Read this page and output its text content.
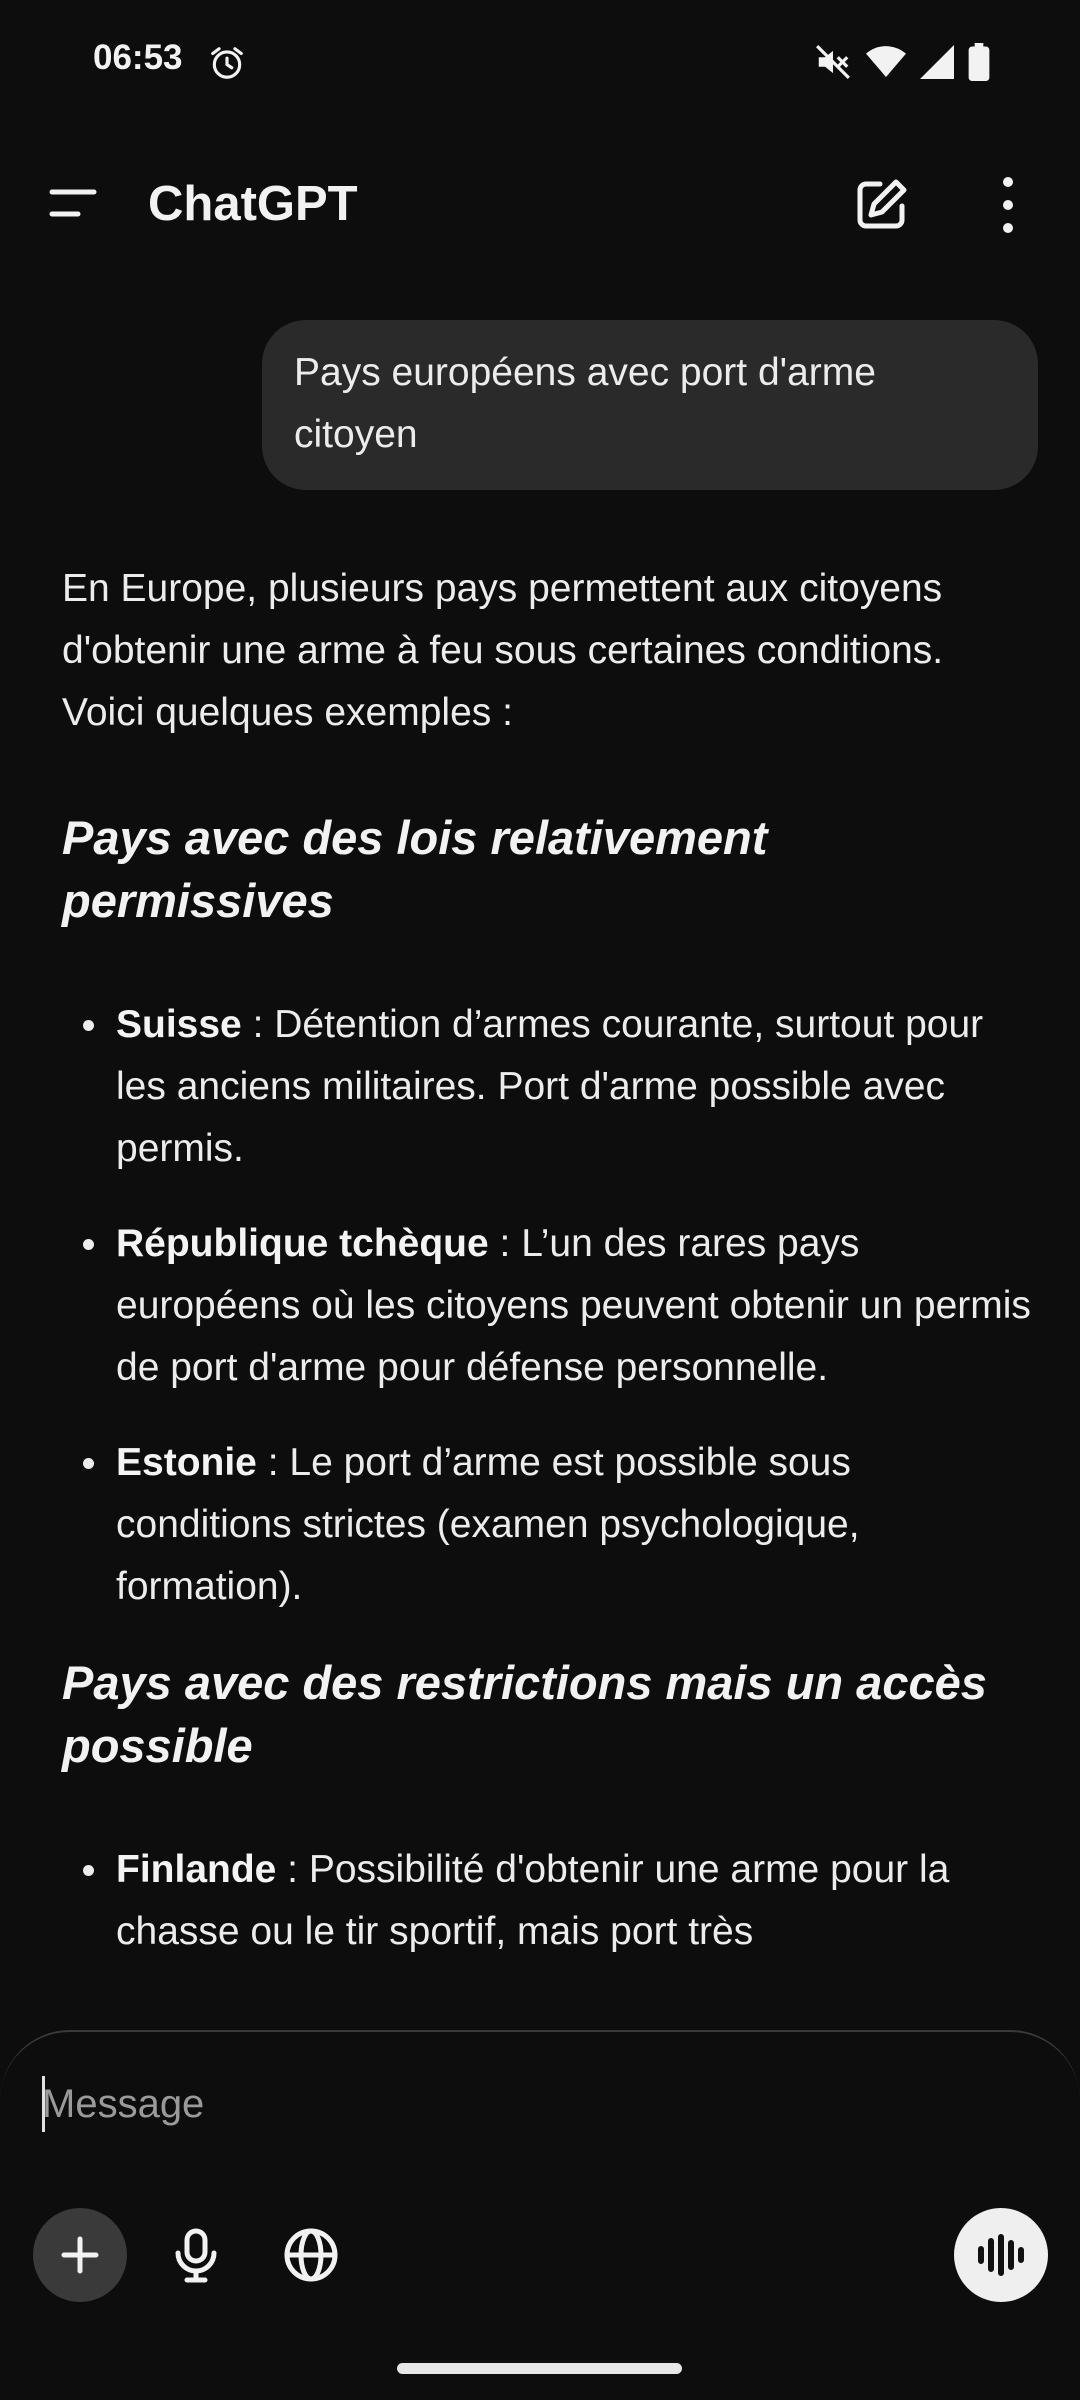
06:53
ChatGPT
Pays européens avec port d'arme citoyen

En Europe, plusieurs pays permettent aux citoyens d'obtenir une arme à feu sous certaines conditions. Voici quelques exemples :

Pays avec des lois relativement permissives
Suisse : Détention d’armes courante, surtout pour les anciens militaires. Port d'arme possible avec permis.
République tchèque : L’un des rares pays européens où les citoyens peuvent obtenir un permis de port d'arme pour défense personnelle.
Estonie : Le port d’arme est possible sous conditions strictes (examen psychologique, formation).
Pays avec des restrictions mais un accès possible
Finlande : Possibilité d'obtenir une arme pour la chasse ou le tir sportif, mais port très
Message
